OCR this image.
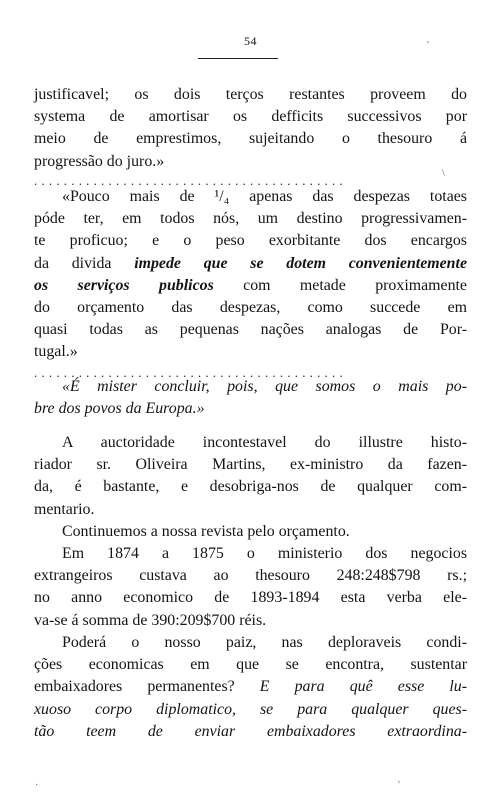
54
justificavel; os dois terços restantes proveem do
systema de amortisar os defficits successivos por
meio de emprestimos, sujeitando o thesouro á
progressão do juro.»
..........................................
«Pouco mais de ¹/₄ apenas das despezas totaes
póde ter, em todos nós, um destino progressivamen-
te proficuo; e o peso exorbitante dos encargos
da divida impede que se dotem convenientemente
os serviços publicos com metade proximamente
do orçamento das despezas, como succede em
quasi todas as pequenas nações analogas de Por-
tugal.»
..........................................
«É mister concluir, pois, que somos o mais po-
bre dos povos da Europa.»
A auctoridade incontestavel do illustre histo-
riador sr. Oliveira Martins, ex-ministro da fazen-
da, é bastante, e desobriga-nos de qualquer com-
mentario.
Continuemos a nossa revista pelo orçamento.
Em 1874 a 1875 o ministerio dos negocios
extrangeiros custava ao thesouro 248:248$798 rs.;
no anno economico de 1893-1894 esta verba ele-
va-se á somma de 390:209$700 réis.
Poderá o nosso paiz, nas deploraveis condi-
ções economicas em que se encontra, sustentar
embaixadores permanentes? E para quê esse lu-
xuoso corpo diplomatico, se para qualquer ques-
tão teem de enviar embaixadores extraordina-
'
\
·	'
